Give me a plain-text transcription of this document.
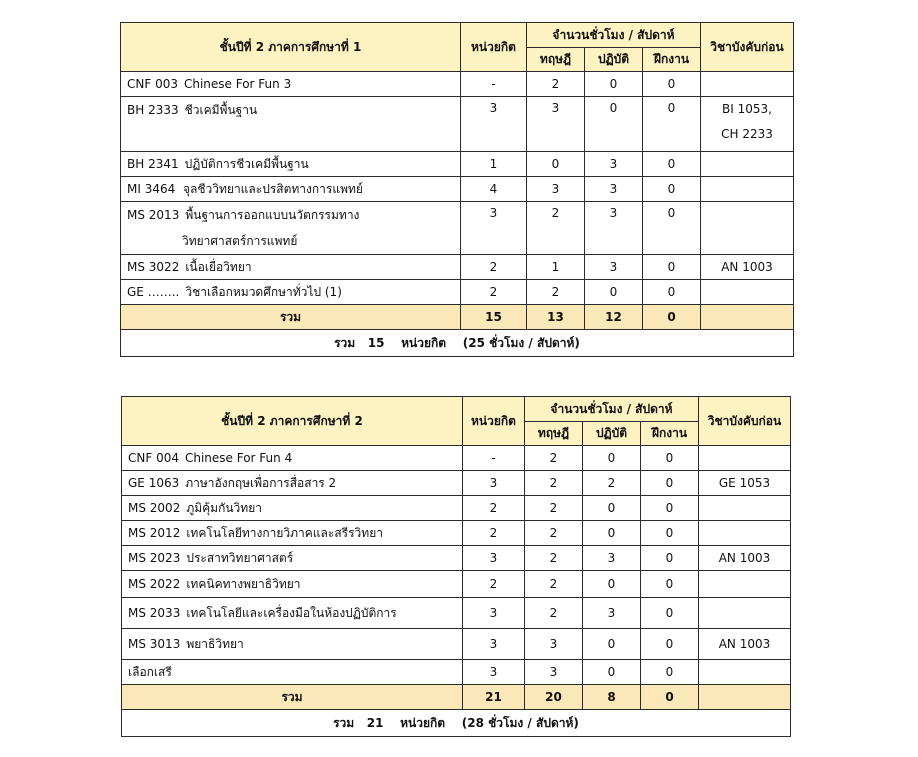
ชั้นปีที่ 2 ภาคการศึกษาที่ 1	หน่วยกิต	จำนวนชั่วโมง / สัปดาห์			วิชาบังคับก่อน
		ทฤษฎี	ปฏิบัติ	ฝึกงาน	
CNF 003 Chinese For Fun 3	-	2	0	0	
BH 2333 ชีวเคมีพื้นฐาน	3	3	0	0	BI 1053,
CH 2233
BH 2341 ปฏิบัติการชีวเคมีพื้นฐาน	1	0	3	0	
MI 3464 จุลชีววิทยาและปรสิตทางการแพทย์	4	3	3	0	
MS 2013 พื้นฐานการออกแบบนวัตกรรมทาง
วิทยาศาสตร์การแพทย์	3	2	3	0	
MS 3022 เนื้อเยื่อวิทยา	2	1	3	0	AN 1003
GE …….. วิชาเลือกหมวดศึกษาทั่วไป (1)	2	2	0	0	
รวม	15	13	12	0	
รวม   15    หน่วยกิต    (25 ชั่วโมง / สัปดาห์)					
ชั้นปีที่ 2 ภาคการศึกษาที่ 2	หน่วยกิต	จำนวนชั่วโมง / สัปดาห์			วิชาบังคับก่อน
		ทฤษฎี	ปฏิบัติ	ฝึกงาน	
CNF 004 Chinese For Fun 4	-	2	0	0	
GE 1063 ภาษาอังกฤษเพื่อการสื่อสาร 2	3	2	2	0	GE 1053
MS 2002 ภูมิคุ้มกันวิทยา	2	2	0	0	
MS 2012 เทคโนโลยีทางกายวิภาคและสรีรวิทยา	2	2	0	0	
MS 2023 ประสาทวิทยาศาสตร์	3	2	3	0	AN 1003
MS 2022 เทคนิคทางพยาธิวิทยา	2	2	0	0	
MS 2033 เทคโนโลยีและเครื่องมือในห้องปฏิบัติการ	3	2	3	0	
MS 3013 พยาธิวิทยา	3	3	0	0	AN 1003
เลือกเสรี	3	3	0	0	
รวม	21	20	8	0	
รวม   21    หน่วยกิต    (28 ชั่วโมง / สัปดาห์)					
